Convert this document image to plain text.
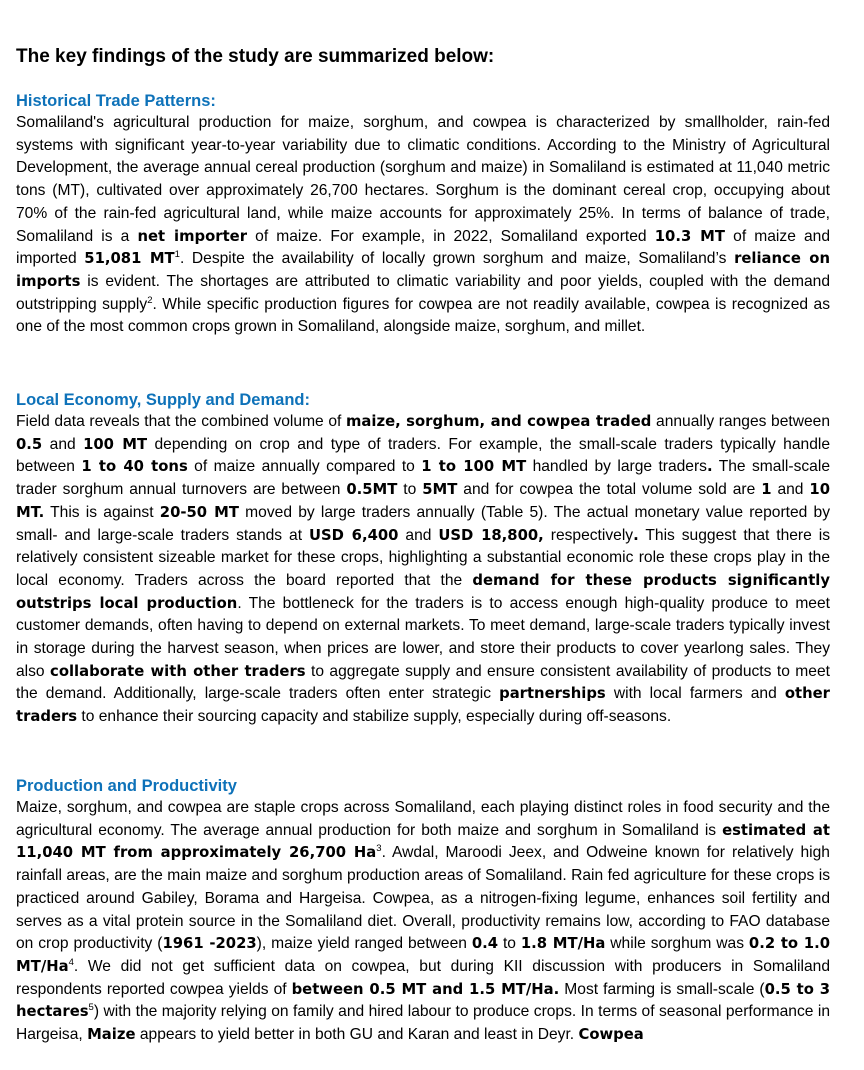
The key findings of the study are summarized below:
Historical Trade Patterns:

Somaliland's agricultural production for maize, sorghum, and cowpea is characterized by smallholder, rain-fed systems with significant year-to-year variability due to climatic conditions. According to the Ministry of Agricultural Development, the average annual cereal production (sorghum and maize) in Somaliland is estimated at 11,040 metric tons (MT), cultivated over approximately 26,700 hectares. Sorghum is the dominant cereal crop, occupying about 70% of the rain-fed agricultural land, while maize accounts for approximately 25%. In terms of balance of trade, Somaliland is a net importer of maize. For example, in 2022, Somaliland exported 10.3 MT of maize and imported 51,081 $MT^1$. Despite the availability of locally grown sorghum and maize, Somaliland’s reliance on imports is evident. The shortages are attributed to climatic variability and poor yields, coupled with the demand outstripping supply$^2$. While specific production figures for cowpea are not readily available, cowpea is recognized as one of the most common crops grown in Somaliland, alongside maize, sorghum, and millet.

Local Economy, Supply and Demand:

Field data reveals that the combined volume of maize, sorghum, and cowpea traded annually ranges between 0.5 and 100 MT depending on crop and type of traders. For example, the small-scale traders typically handle between 1 to 40 tons of maize annually compared to 1 to 100 MT handled by large traders. The small-scale trader sorghum annual turnovers are between 0.5MT to 5MT and for cowpea the total volume sold are 1 and 10 MT. This is against 20-50 MT moved by large traders annually (Table 5). The actual monetary value reported by small- and large-scale traders stands at USD 6,400 and USD 18,800, respectively. This suggest that there is relatively consistent sizeable market for these crops, highlighting a substantial economic role these crops play in the local economy. Traders across the board reported that the demand for these products significantly outstrips local production. The bottleneck for the traders is to access enough high-quality produce to meet customer demands, often having to depend on external markets. To meet demand, large-scale traders typically invest in storage during the harvest season, when prices are lower, and store their products to cover yearlong sales. They also collaborate with other traders to aggregate supply and ensure consistent availability of products to meet the demand. Additionally, large-scale traders often enter strategic partnerships with local farmers and other traders to enhance their sourcing capacity and stabilize supply, especially during off-seasons.

Production and Productivity

Maize, sorghum, and cowpea are staple crops across Somaliland, each playing distinct roles in food security and the agricultural economy. The average annual production for both maize and sorghum in Somaliland is estimated at 11,040 MT from approximately 26,700 Ha$^3$. Awdal, Maroodi Jeex, and Odweine known for relatively high rainfall areas, are the main maize and sorghum production areas of Somaliland. Rain fed agriculture for these crops is practiced around Gabiley, Borama and Hargeisa. Cowpea, as a nitrogen-fixing legume, enhances soil fertility and serves as a vital protein source in the Somaliland diet. Overall, productivity remains low, according to FAO database on crop productivity (1961 -2023), maize yield ranged between 0.4 to 1.8 MT/Ha while sorghum was 0.2 to 1.0 MT/Ha$^4$. We did not get sufficient data on cowpea, but during KII discussion with producers in Somaliland respondents reported cowpea yields of between 0.5 MT and 1.5 MT/Ha. Most farming is small-scale (0.5 to 3 hectares$^5$) with the majority relying on family and hired labour to produce crops. In terms of seasonal performance in Hargeisa, Maize appears to yield better in both GU and Karan and least in Deyr. Cowpea
